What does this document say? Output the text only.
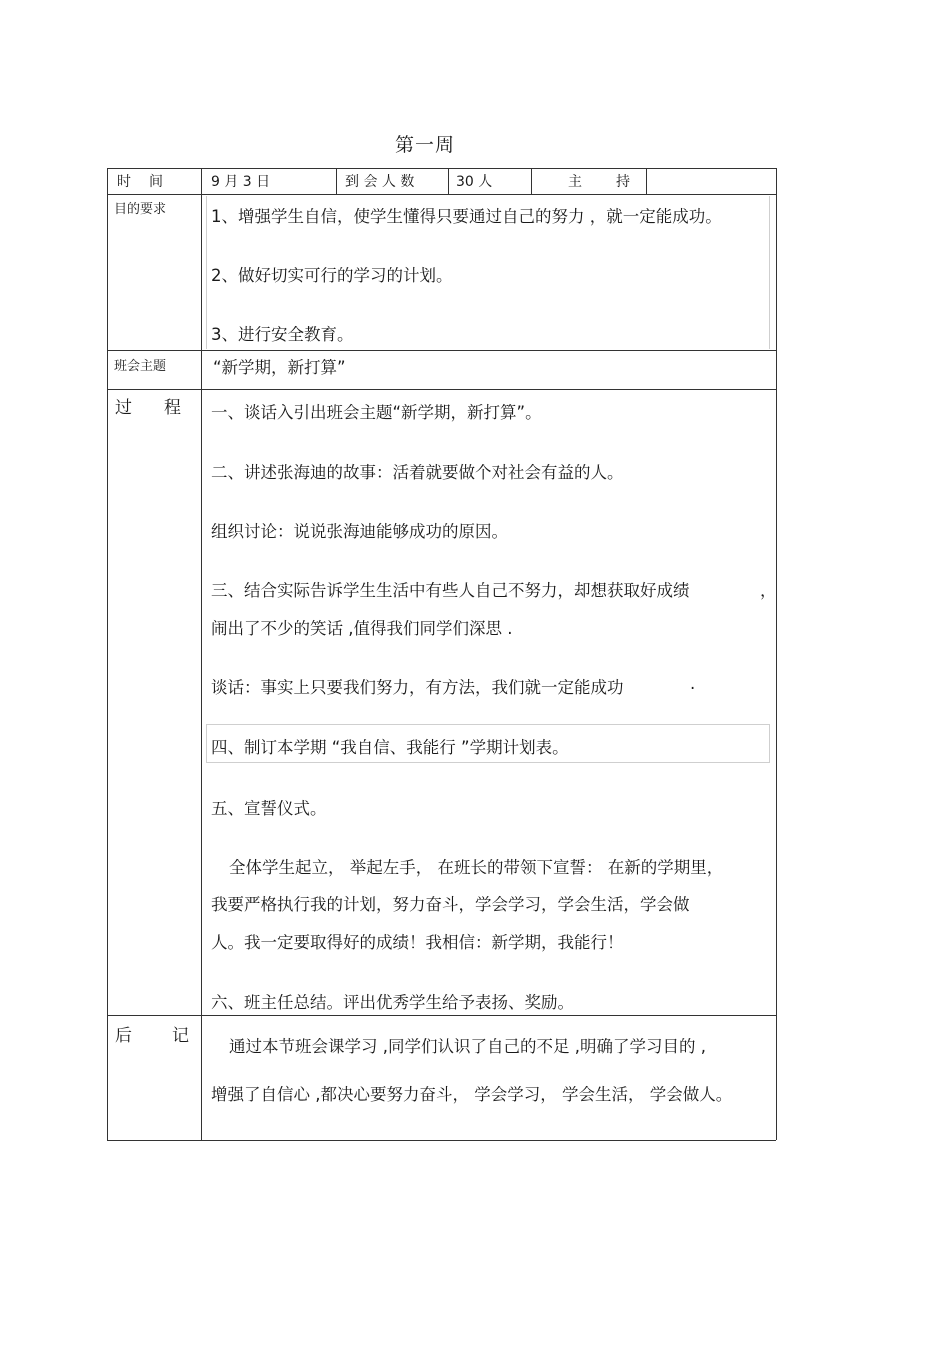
第一周
时 间	9 月 3 日	到 会 人 数	30 人	主 持
目的要求	1、增强学生自信，使学生懂得只要通过自己的努力 ，就一定能成功。
2、做好切实可行的学习的计划。
3、进行安全教育。
班会主题	“新学期，新打算”
过 程 一、谈话入引出班会主题“新学期，新打算”。
二、讲述张海迪的故事：活着就要做个对社会有益的人。
组织讨论：说说张海迪能够成功的原因。
三、结合实际告诉学生生活中有些人自己不努力，却想获取好成绩	，
闹出了不少的笑话 ,值得我们同学们深思 .
谈话：事实上只要我们努力，有方法，我们就一定能成功	.
四、制订本学期 “我自信、我能行 ”学期计划表。
五、宣誓仪式。
全体学生起立， 举起左手， 在班长的带领下宣誓： 在新的学期里，
我要严格执行我的计划，努力奋斗，学会学习，学会生活，学会做
人。我一定要取得好的成绩！我相信：新学期，我能行！
六、班主任总结。评出优秀学生给予表扬、奖励。
后 记
通过本节班会课学习 ,同学们认识了自己的不足 ,明确了学习目的 ,
增强了自信心 ,都决心要努力奋斗， 学会学习， 学会生活， 学会做人。
